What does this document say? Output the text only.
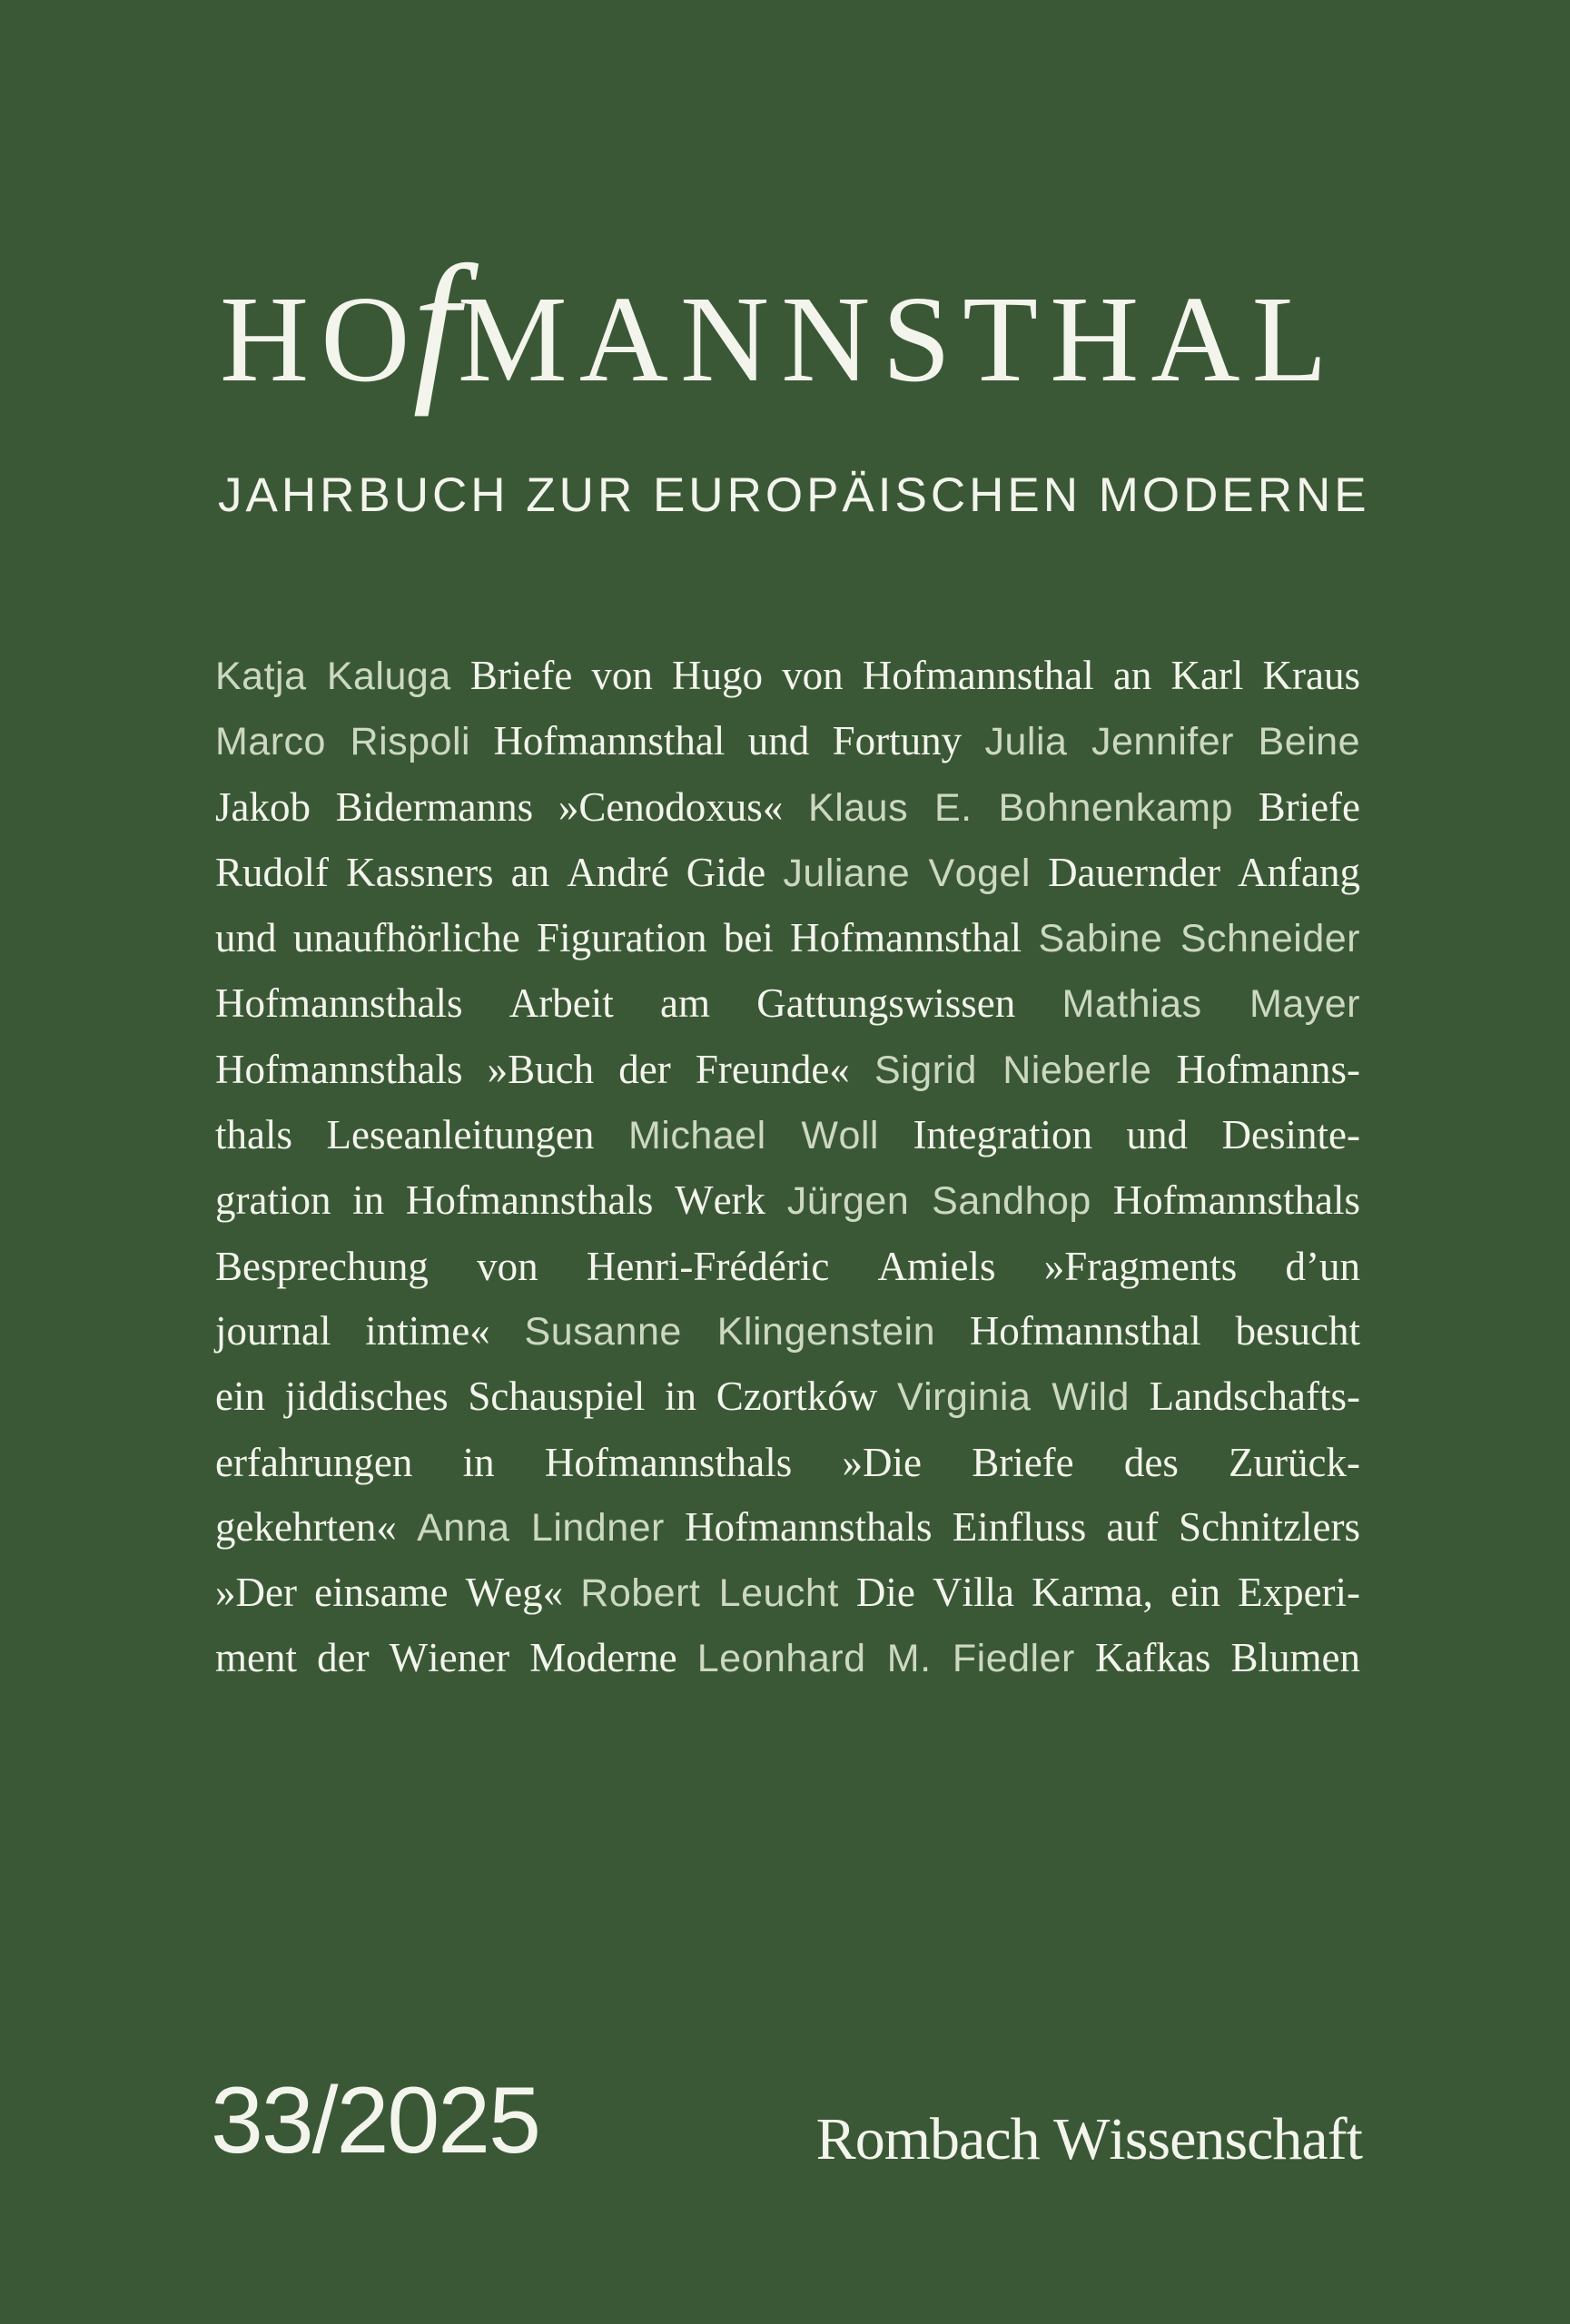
HOfMANNSTHAL
JAHRBUCH ZUR EUROPÄISCHEN MODERNE
Katja Kaluga Briefe von Hugo von Hofmannsthal an Karl Kraus
Marco Rispoli Hofmannsthal und Fortuny Julia Jennifer Beine
Jakob Bidermanns »Cenodoxus« Klaus E. Bohnenkamp Briefe
Rudolf Kassners an André Gide Juliane Vogel Dauernder Anfang
und unaufhörliche Figuration bei Hofmannsthal Sabine Schneider
Hofmannsthals Arbeit am Gattungswissen Mathias Mayer
Hofmannsthals »Buch der Freunde« Sigrid Nieberle Hofmanns-
thals Leseanleitungen Michael Woll Integration und Desinte-
gration in Hofmannsthals Werk Jürgen Sandhop Hofmannsthals
Besprechung von Henri-Frédéric Amiels »Fragments d’un
journal intime« Susanne Klingenstein Hofmannsthal besucht
ein jiddisches Schauspiel in Czortków Virginia Wild Landschafts-
erfahrungen in Hofmannsthals »Die Briefe des Zurück-
gekehrten« Anna Lindner Hofmannsthals Einfluss auf Schnitzlers
»Der einsame Weg« Robert Leucht Die Villa Karma, ein Experi-
ment der Wiener Moderne Leonhard M. Fiedler Kafkas Blumen

33/2025	Rombach Wissenschaft
